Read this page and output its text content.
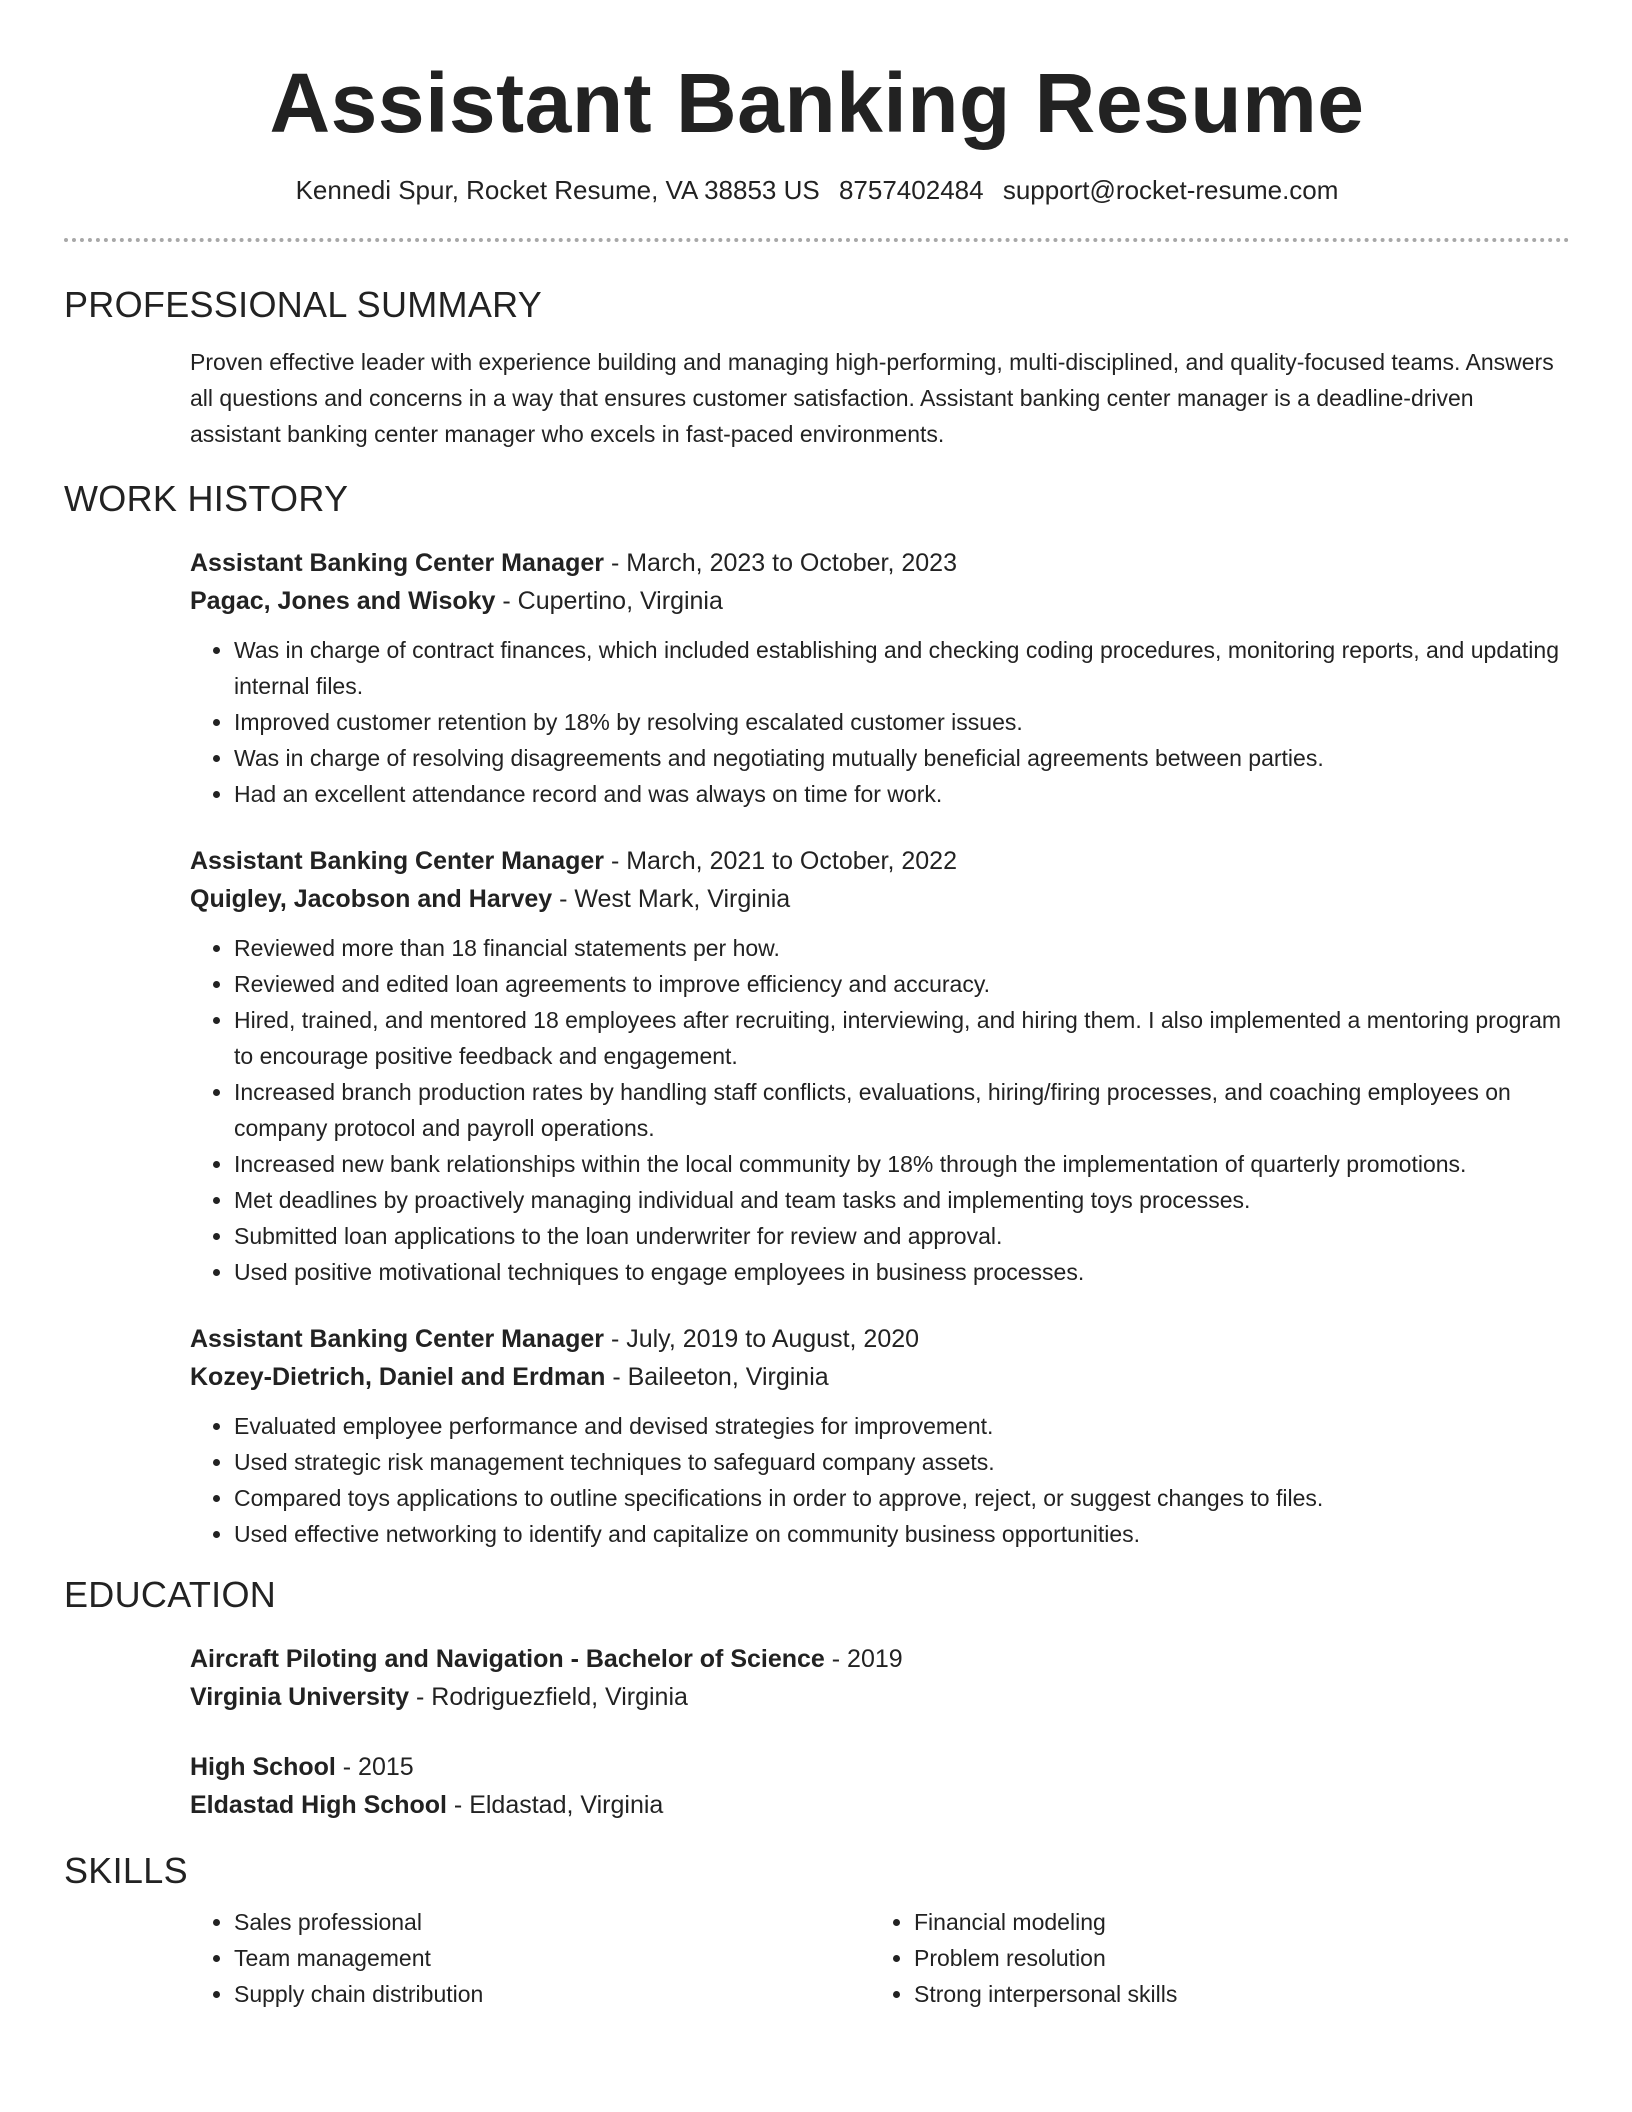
Assistant Banking Resume
Kennedi Spur, Rocket Resume, VA 38853 US 8757402484 support@rocket-resume.com
PROFESSIONAL SUMMARY
Proven effective leader with experience building and managing high-performing, multi-disciplined, and quality-focused teams. Answers all questions and concerns in a way that ensures customer satisfaction. Assistant banking center manager is a deadline-driven assistant banking center manager who excels in fast-paced environments.
WORK HISTORY
Assistant Banking Center Manager - March, 2023 to October, 2023
Pagac, Jones and Wisoky - Cupertino, Virginia
• Was in charge of contract finances, which included establishing and checking coding procedures, monitoring reports, and updating internal files.
• Improved customer retention by 18% by resolving escalated customer issues.
• Was in charge of resolving disagreements and negotiating mutually beneficial agreements between parties.
• Had an excellent attendance record and was always on time for work.
Assistant Banking Center Manager - March, 2021 to October, 2022
Quigley, Jacobson and Harvey - West Mark, Virginia
• Reviewed more than 18 financial statements per how.
• Reviewed and edited loan agreements to improve efficiency and accuracy.
• Hired, trained, and mentored 18 employees after recruiting, interviewing, and hiring them. I also implemented a mentoring program to encourage positive feedback and engagement.
• Increased branch production rates by handling staff conflicts, evaluations, hiring/firing processes, and coaching employees on company protocol and payroll operations.
• Increased new bank relationships within the local community by 18% through the implementation of quarterly promotions.
• Met deadlines by proactively managing individual and team tasks and implementing toys processes.
• Submitted loan applications to the loan underwriter for review and approval.
• Used positive motivational techniques to engage employees in business processes.
Assistant Banking Center Manager - July, 2019 to August, 2020
Kozey-Dietrich, Daniel and Erdman - Baileeton, Virginia
• Evaluated employee performance and devised strategies for improvement.
• Used strategic risk management techniques to safeguard company assets.
• Compared toys applications to outline specifications in order to approve, reject, or suggest changes to files.
• Used effective networking to identify and capitalize on community business opportunities.
EDUCATION
Aircraft Piloting and Navigation - Bachelor of Science - 2019
Virginia University - Rodriguezfield, Virginia
High School - 2015
Eldastad High School - Eldastad, Virginia
SKILLS
• Sales professional
• Team management
• Supply chain distribution
• Financial modeling
• Problem resolution
• Strong interpersonal skills
